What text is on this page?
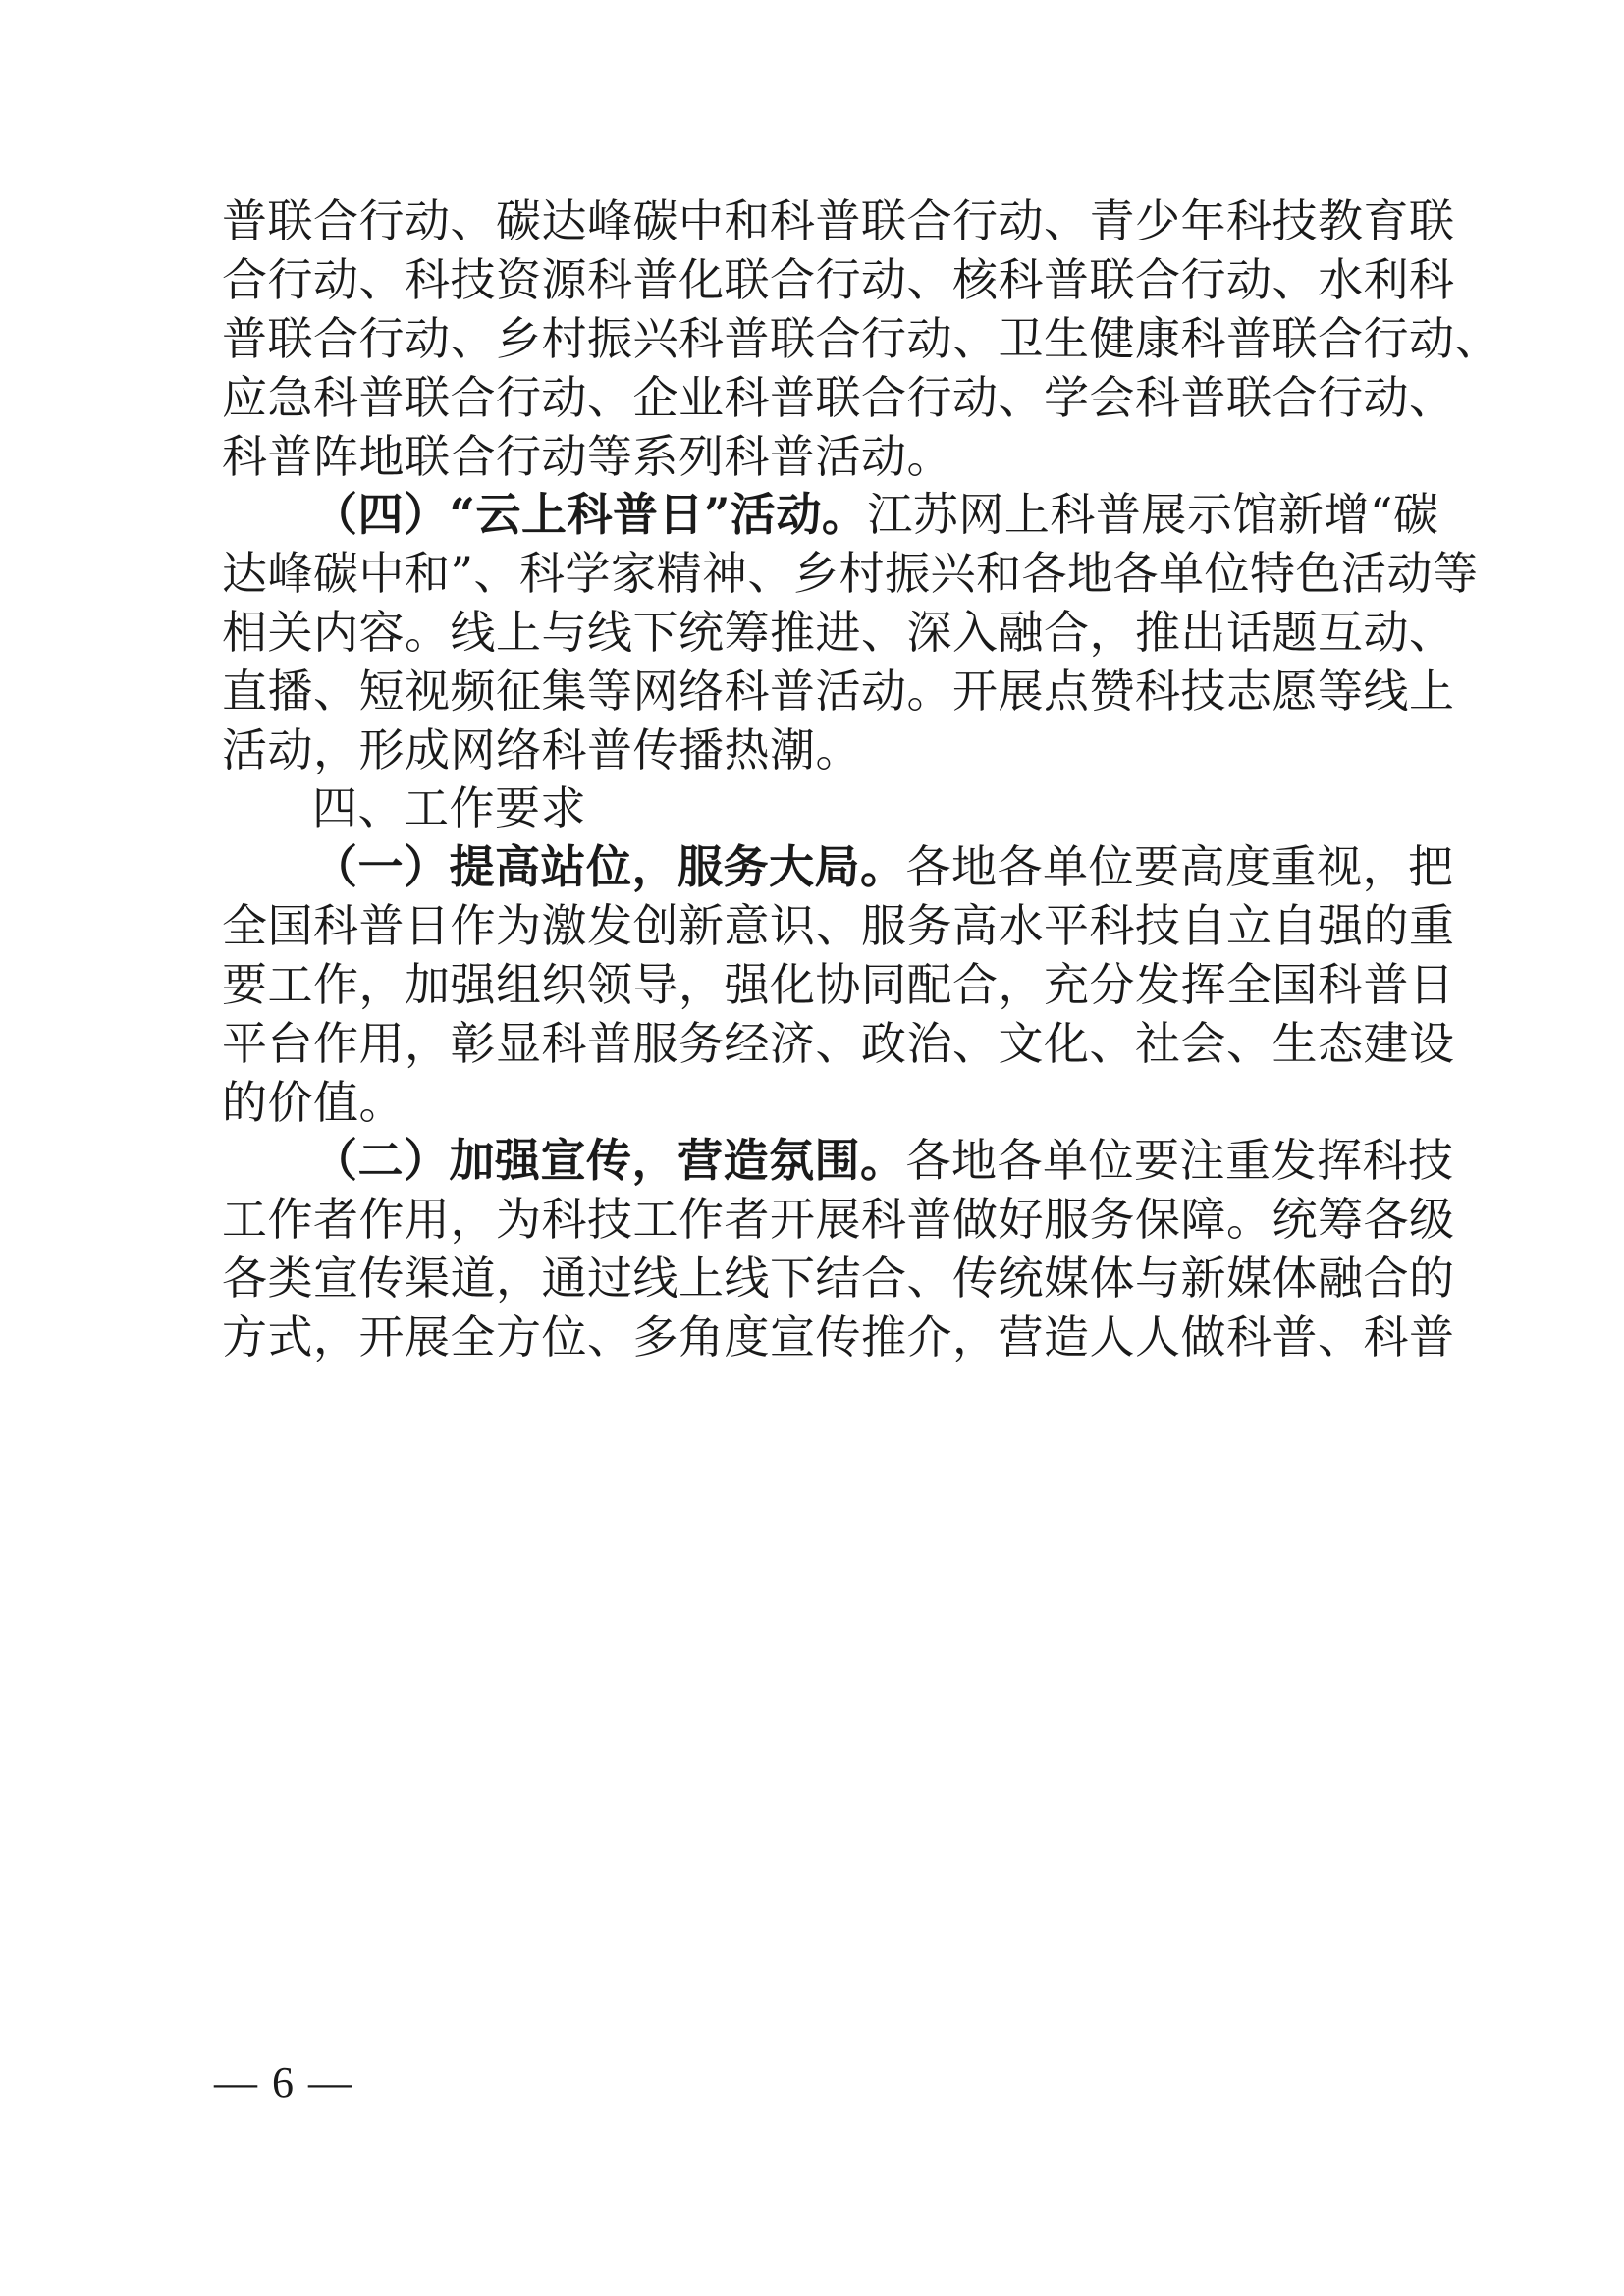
普联合行动、碳达峰碳中和科普联合行动、青少年科技教育联
合行动、科技资源科普化联合行动、核科普联合行动、水利科
普联合行动、乡村振兴科普联合行动、卫生健康科普联合行动、
应急科普联合行动、企业科普联合行动、学会科普联合行动、
科普阵地联合行动等系列科普活动。
（四）“云上科普日”活动。江苏网上科普展示馆新增“碳
达峰碳中和”、科学家精神、乡村振兴和各地各单位特色活动等
相关内容。线上与线下统筹推进、深入融合，推出话题互动、
直播、短视频征集等网络科普活动。开展点赞科技志愿等线上
活动，形成网络科普传播热潮。
四、工作要求
（一）提高站位，服务大局。各地各单位要高度重视，把
全国科普日作为激发创新意识、服务高水平科技自立自强的重
要工作，加强组织领导，强化协同配合，充分发挥全国科普日
平台作用，彰显科普服务经济、政治、文化、社会、生态建设
的价值。
（二）加强宣传，营造氛围。各地各单位要注重发挥科技
工作者作用，为科技工作者开展科普做好服务保障。统筹各级
各类宣传渠道，通过线上线下结合、传统媒体与新媒体融合的
方式，开展全方位、多角度宣传推介，营造人人做科普、科普
— 6 —
